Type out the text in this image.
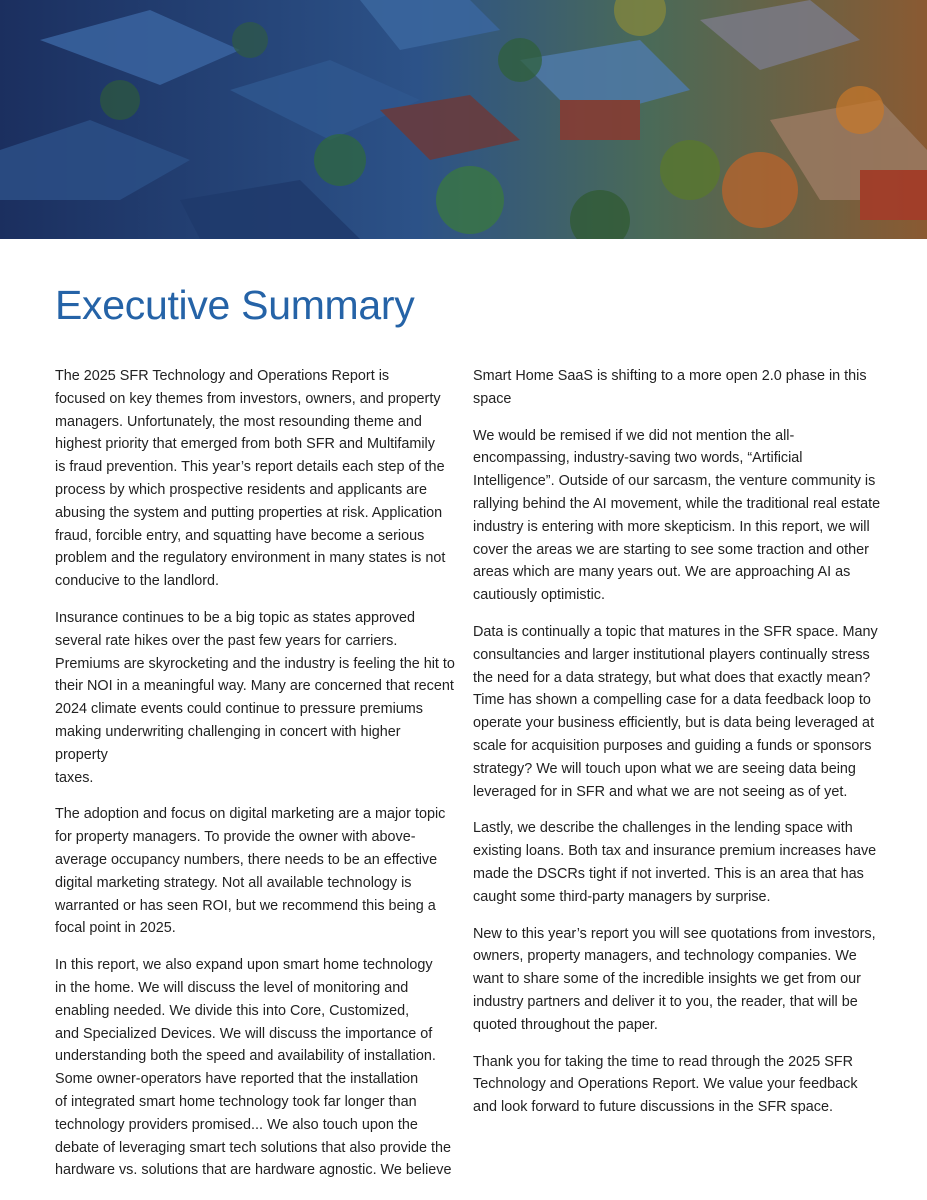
Executive Summary

The 2025 SFR Technology and Operations Report is
focused on key themes from investors, owners, and property
managers. Unfortunately, the most resounding theme and
highest priority that emerged from both SFR and Multifamily
is fraud prevention. This year’s report details each step of the
process by which prospective residents and applicants are
abusing the system and putting properties at risk. Application
fraud, forcible entry, and squatting have become a serious
problem and the regulatory environment in many states is not
conducive to the landlord.

Insurance continues to be a big topic as states approved
several rate hikes over the past few years for carriers.
Premiums are skyrocketing and the industry is feeling the hit to
their NOI in a meaningful way. Many are concerned that recent
2024 climate events could continue to pressure premiums
making underwriting challenging in concert with higher property
taxes.

The adoption and focus on digital marketing are a major topic
for property managers. To provide the owner with above-
average occupancy numbers, there needs to be an effective
digital marketing strategy. Not all available technology is
warranted or has seen ROI, but we recommend this being a
focal point in 2025.

In this report, we also expand upon smart home technology
in the home. We will discuss the level of monitoring and
enabling needed. We divide this into Core, Customized,
and Specialized Devices. We will discuss the importance of
understanding both the speed and availability of installation.
Some owner-operators have reported that the installation
of integrated smart home technology took far longer than
technology providers promised... We also touch upon the
debate of leveraging smart tech solutions that also provide the
hardware vs. solutions that are hardware agnostic. We believe

Smart Home SaaS is shifting to a more open 2.0 phase in this
space

We would be remised if we did not mention the all-
encompassing, industry-saving two words, “Artificial
Intelligence”. Outside of our sarcasm, the venture community is
rallying behind the AI movement, while the traditional real estate
industry is entering with more skepticism. In this report, we will
cover the areas we are starting to see some traction and other
areas which are many years out. We are approaching AI as
cautiously optimistic.

Data is continually a topic that matures in the SFR space. Many
consultancies and larger institutional players continually stress
the need for a data strategy, but what does that exactly mean?
Time has shown a compelling case for a data feedback loop to
operate your business efficiently, but is data being leveraged at
scale for acquisition purposes and guiding a funds or sponsors
strategy? We will touch upon what we are seeing data being
leveraged for in SFR and what we are not seeing as of yet.

Lastly, we describe the challenges in the lending space with
existing loans. Both tax and insurance premium increases have
made the DSCRs tight if not inverted. This is an area that has
caught some third-party managers by surprise.

New to this year’s report you will see quotations from investors,
owners, property managers, and technology companies. We
want to share some of the incredible insights we get from our
industry partners and deliver it to you, the reader, that will be
quoted throughout the paper.

Thank you for taking the time to read through the 2025 SFR
Technology and Operations Report. We value your feedback
and look forward to future discussions in the SFR space.
